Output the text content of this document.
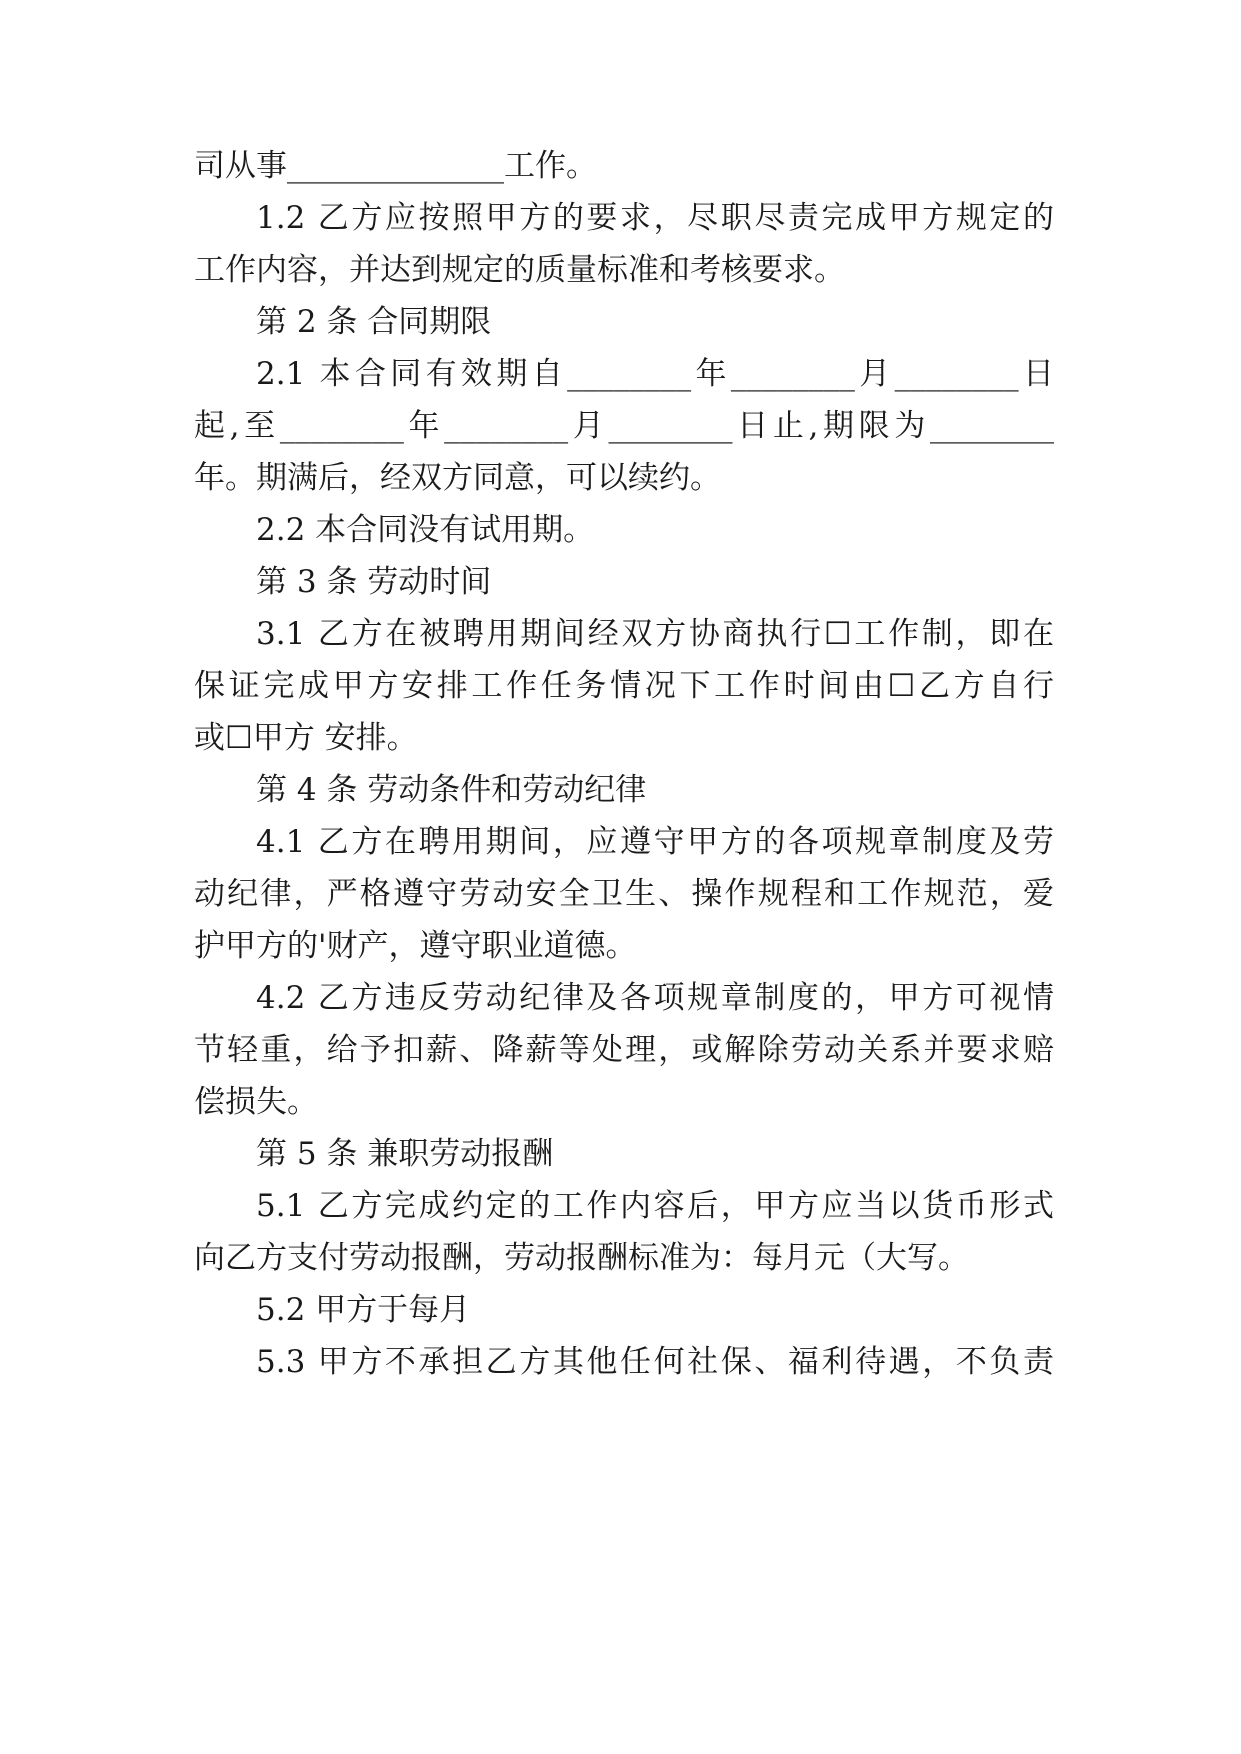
司从事______________工作。
1.2 乙方应按照甲方的要求，尽职尽责完成甲方规定的
工作内容，并达到规定的质量标准和考核要求。
第 2 条 合同期限
2.1 本合同有效期自________年________月________日
起,至________年________月________日止,期限为________
年。期满后，经双方同意，可以续约。
2.2 本合同没有试用期。
第 3 条 劳动时间
3.1 乙方在被聘用期间经双方协商执行☐工作制，即在
保证完成甲方安排工作任务情况下工作时间由☐乙方自行
或☐甲方 安排。
第 4 条 劳动条件和劳动纪律
4.1 乙方在聘用期间，应遵守甲方的各项规章制度及劳
动纪律，严格遵守劳动安全卫生、操作规程和工作规范，爱
护甲方的'财产，遵守职业道德。
4.2 乙方违反劳动纪律及各项规章制度的，甲方可视情
节轻重，给予扣薪、降薪等处理，或解除劳动关系并要求赔
偿损失。
第 5 条 兼职劳动报酬
5.1 乙方完成约定的工作内容后，甲方应当以货币形式
向乙方支付劳动报酬，劳动报酬标准为：每月元（大写。
5.2 甲方于每月
5.3 甲方不承担乙方其他任何社保、福利待遇，不负责
